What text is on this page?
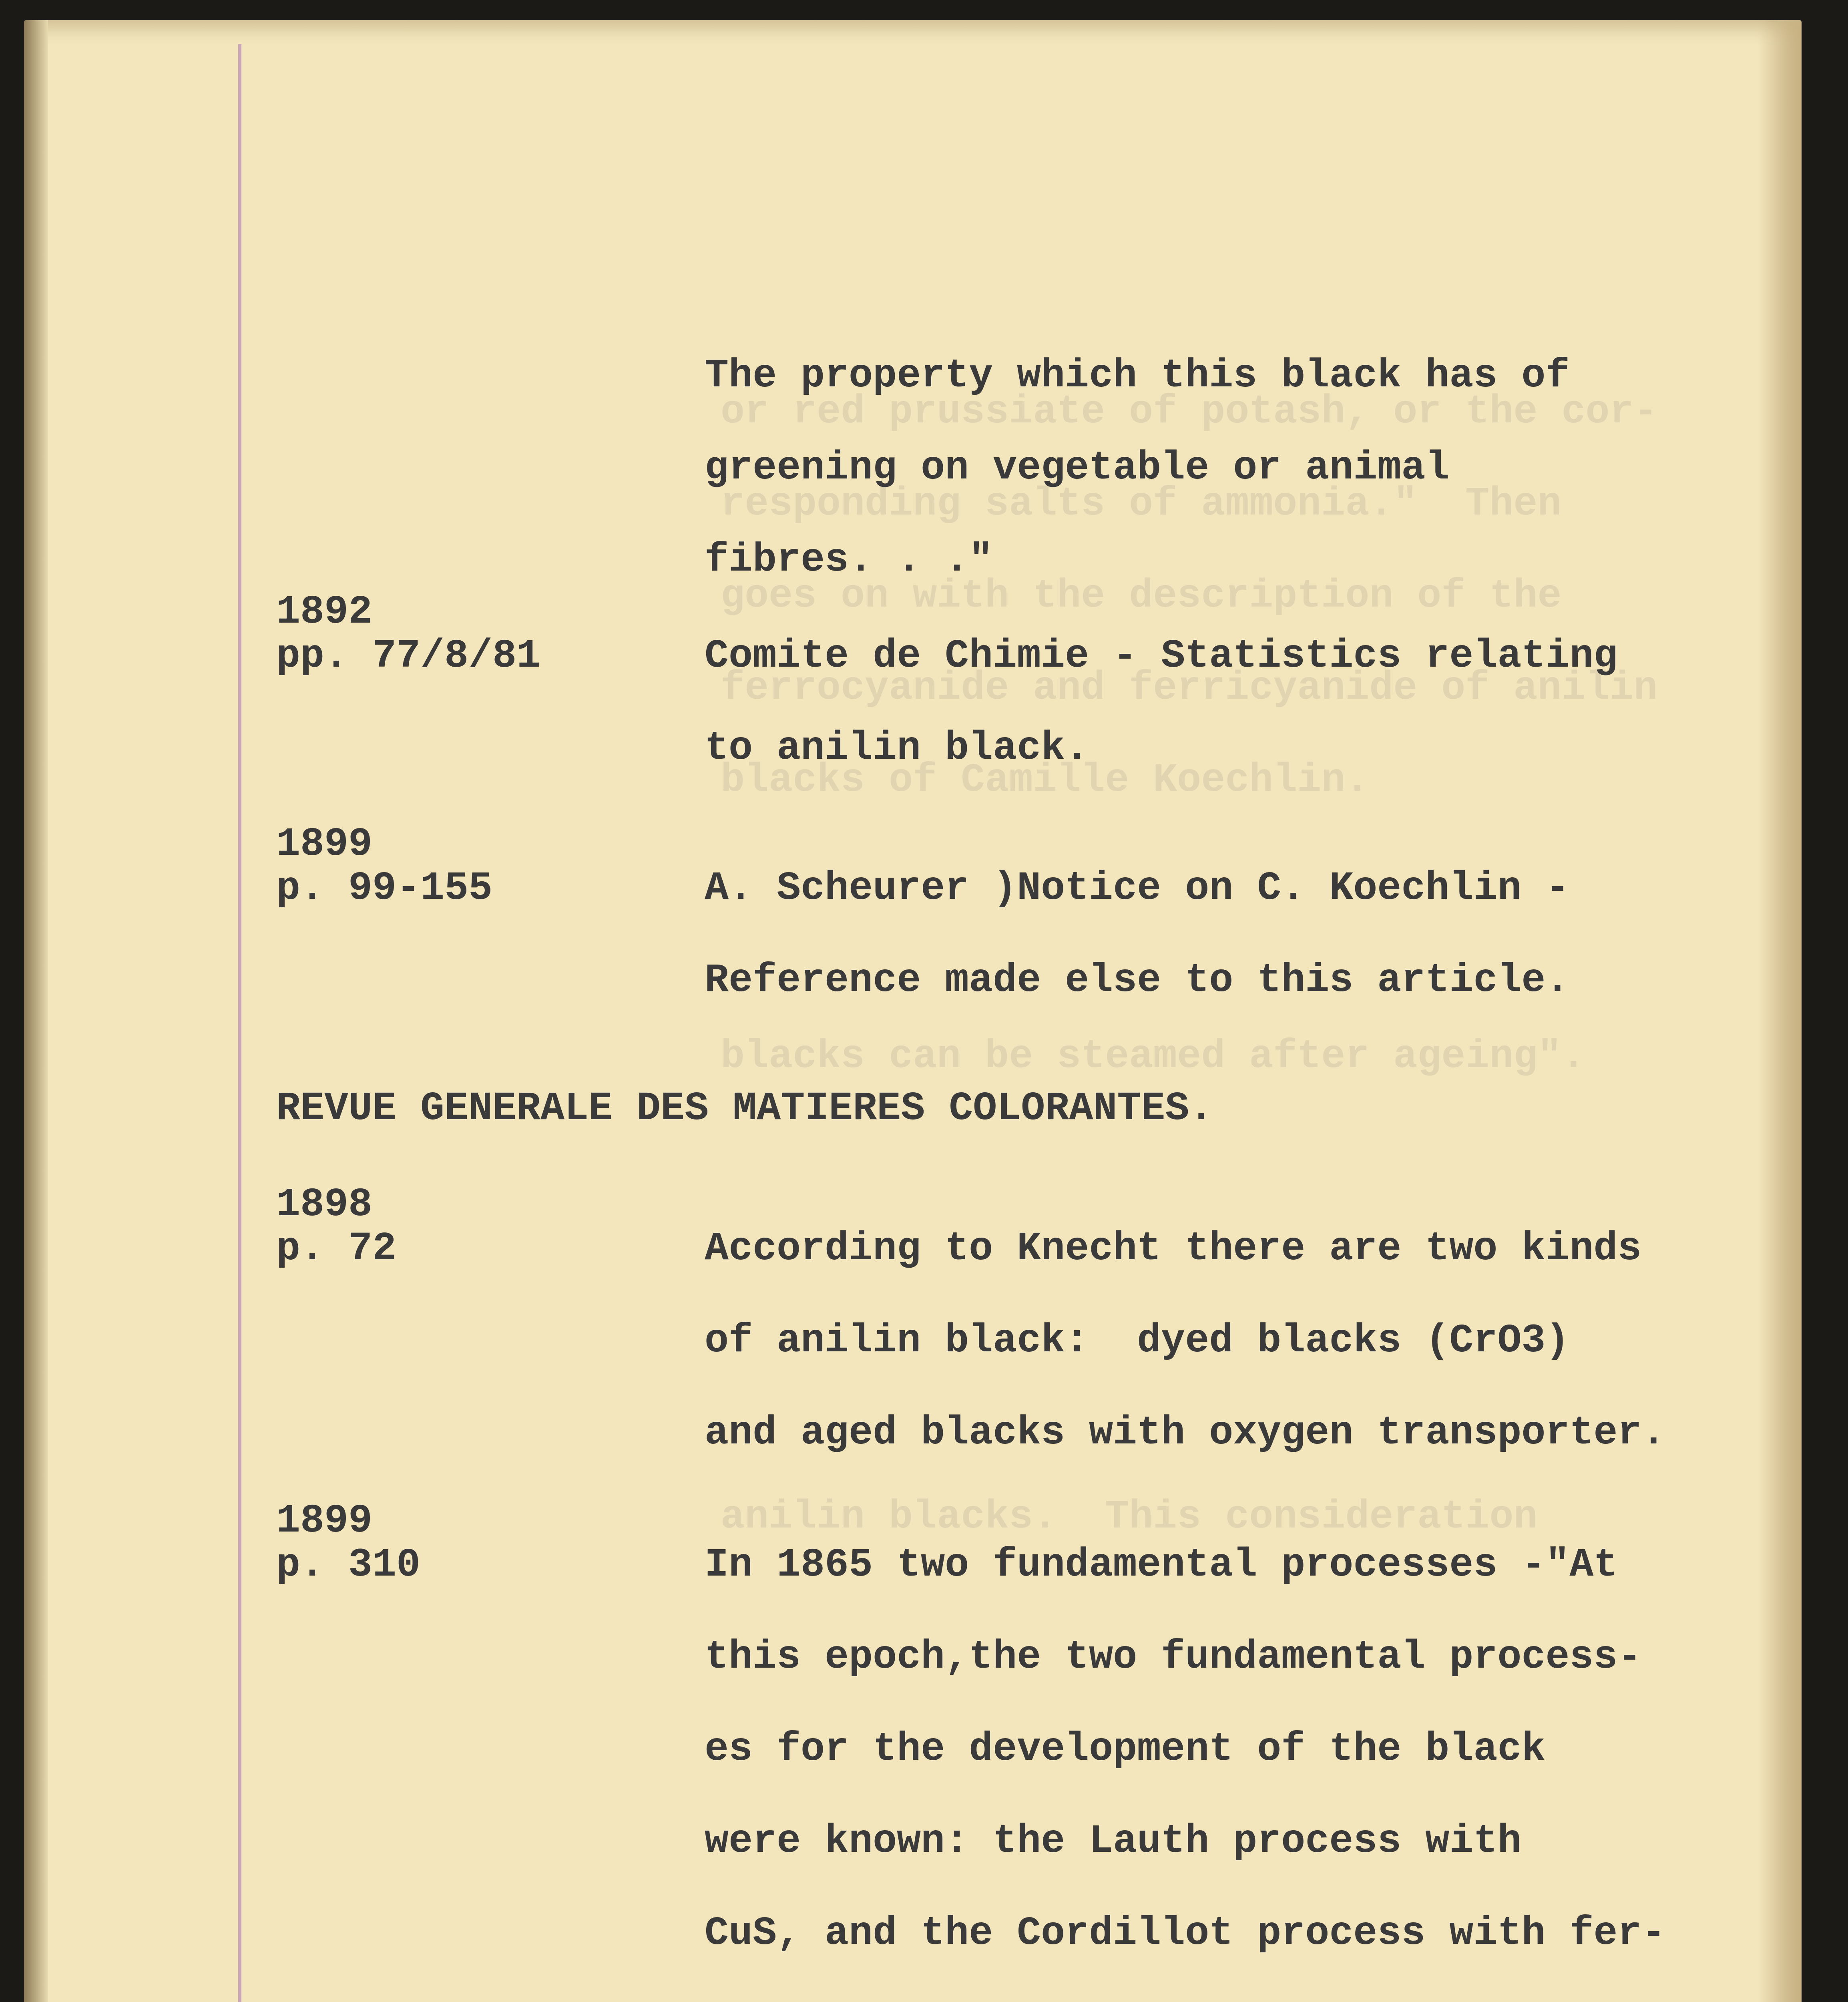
or red prussiate of potash, or the cor-
responding salts of ammonia."  Then
goes on with the description of the
ferrocyanide and ferricyanide of anilin
blacks of Camille Koechlin.
blacks can be steamed after ageing".
anilin blacks.  This consideration
The property which this black has of
greening on vegetable or animal
fibres. . ."
1892
pp. 77/8/81	Comite de Chimie - Statistics relating
to anilin black.
1899
p. 99-155	A. Scheurer )Notice on C. Koechlin -
Reference made else to this article.
REVUE GENERALE DES MATIERES COLORANTES.
1898
p. 72	According to Knecht there are two kinds
of anilin black:  dyed blacks (CrO3)
and aged blacks with oxygen transporter.
1899
p. 310	In 1865 two fundamental processes -"At
this epoch,the two fundamental process-
es for the development of the black
were known: the Lauth process with
CuS, and the Cordillot process with fer-
